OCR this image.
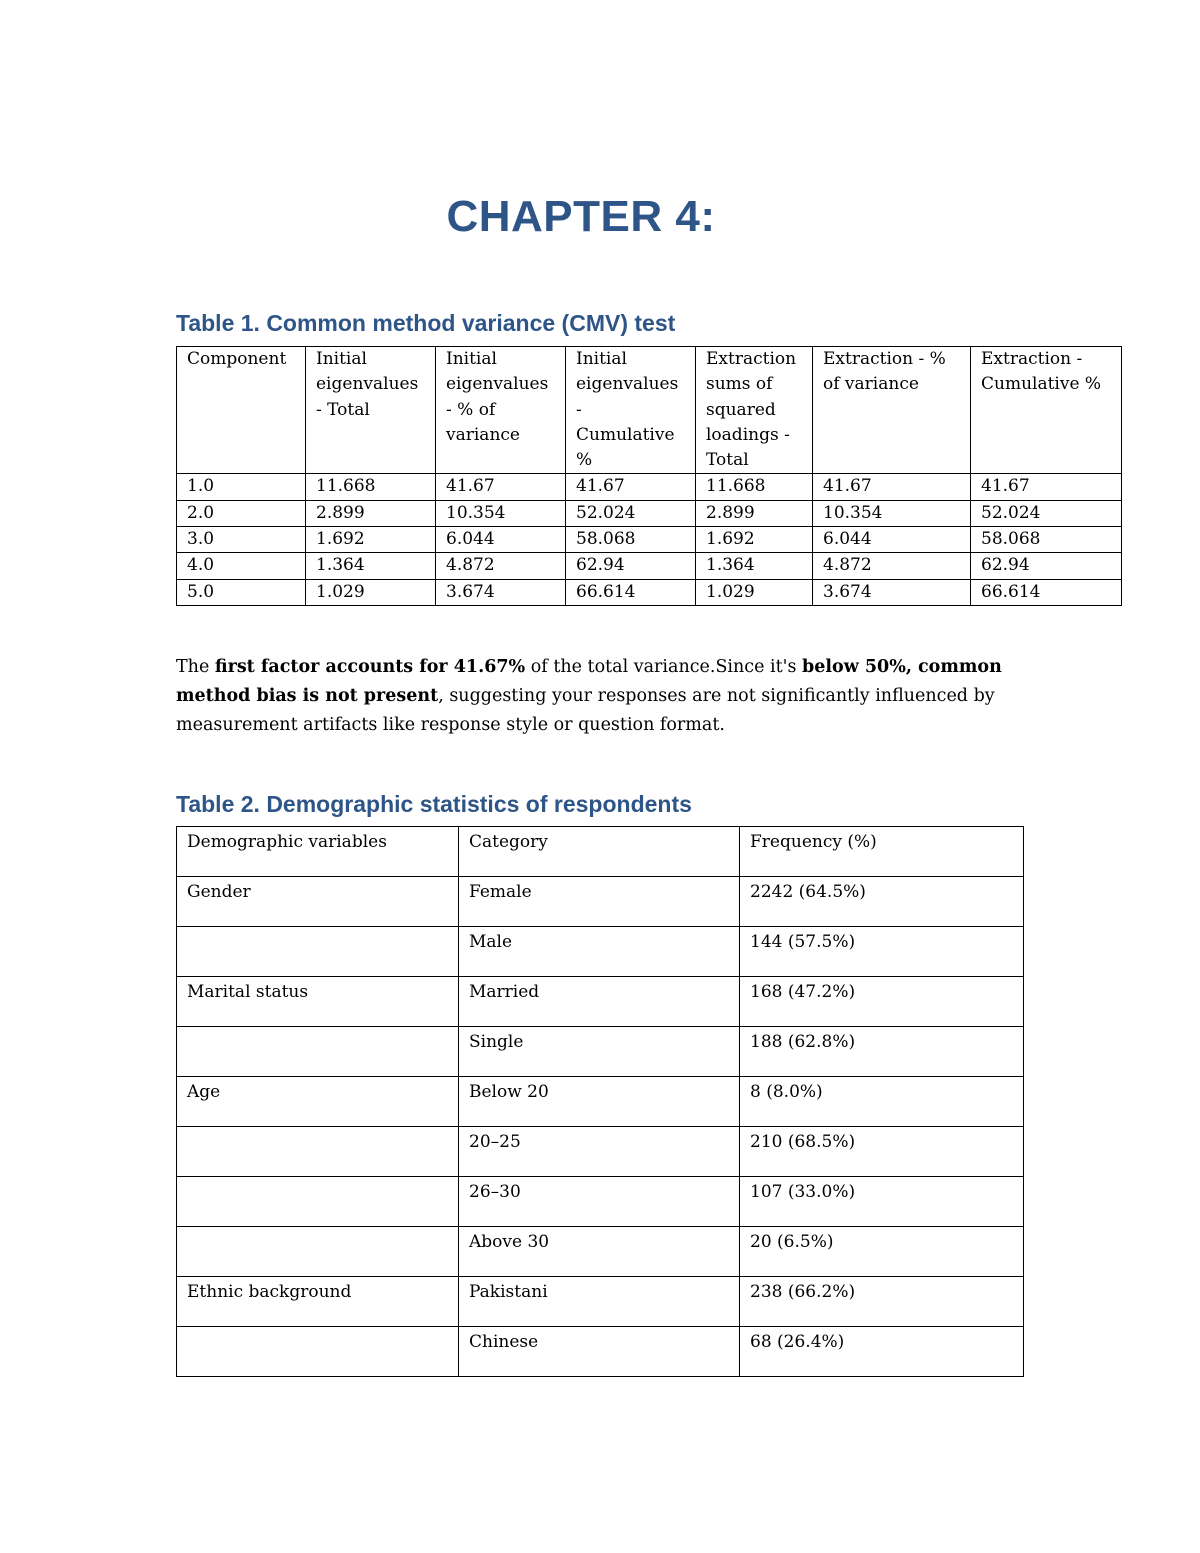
CHAPTER 4:
Table 1. Common method variance (CMV) test
Component	Initial eigenvalues - Total	Initial eigenvalues - % of variance	Initial eigenvalues - Cumulative %	Extraction sums of squared loadings - Total	Extraction - % of variance	Extraction - Cumulative %
1.0	11.668	41.67	41.67	11.668	41.67	41.67
2.0	2.899	10.354	52.024	2.899	10.354	52.024
3.0	1.692	6.044	58.068	1.692	6.044	58.068
4.0	1.364	4.872	62.94	1.364	4.872	62.94
5.0	1.029	3.674	66.614	1.029	3.674	66.614

The first factor accounts for 41.67% of the total variance.Since it's below 50%, common method bias is not present, suggesting your responses are not significantly influenced by measurement artifacts like response style or question format.

Table 2. Demographic statistics of respondents
Demographic variables	Category	Frequency (%)
Gender	Female	2242 (64.5%)
	Male	144 (57.5%)
Marital status	Married	168 (47.2%)
	Single	188 (62.8%)
Age	Below 20	8 (8.0%)
	20–25	210 (68.5%)
	26–30	107 (33.0%)
	Above 30	20 (6.5%)
Ethnic background	Pakistani	238 (66.2%)
	Chinese	68 (26.4%)
